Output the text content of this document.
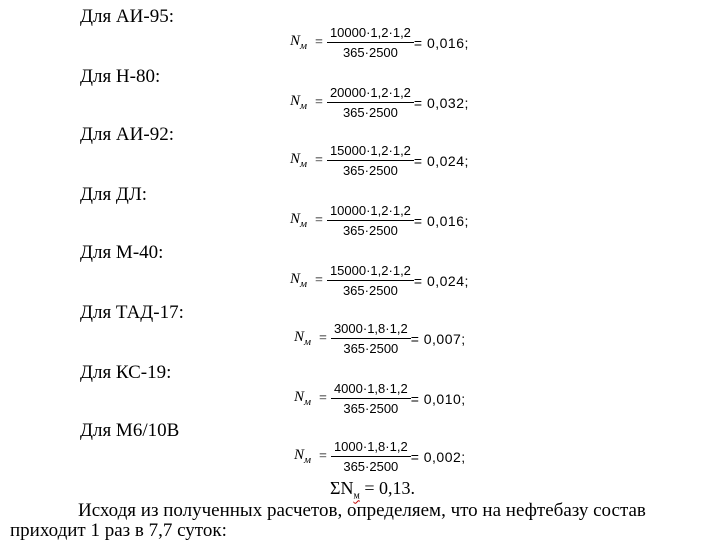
Для АИ-95:
$N_м = \frac{10000\cdot 1,2\cdot 1,2}{365\cdot 2500} = 0,016$;
Для Н-80:
$N_м = \frac{20000\cdot 1,2\cdot 1,2}{365\cdot 2500} = 0,032$;
Для АИ-92:
$N_м = \frac{15000\cdot 1,2\cdot 1,2}{365\cdot 2500} = 0,024$;
Для ДЛ:
$N_м = \frac{10000\cdot 1,2\cdot 1,2}{365\cdot 2500} = 0,016$;
Для М-40:
$N_м = \frac{15000\cdot 1,2\cdot 1,2}{365\cdot 2500} = 0,024$;
Для ТАД-17:
$N_м = \frac{3000\cdot 1,8\cdot 1,2}{365\cdot 2500} = 0,007$;
Для КС-19:
$N_м = \frac{4000\cdot 1,8\cdot 1,2}{365\cdot 2500} = 0,010$;
Для М6/10В
$N_м = \frac{1000\cdot 1,8\cdot 1,2}{365\cdot 2500} = 0,002$;
$\Sigma N_м = 0,13$.
Исходя из полученных расчетов, определяем, что на нефтебазу состав
приходит 1 раз в 7,7 суток:
